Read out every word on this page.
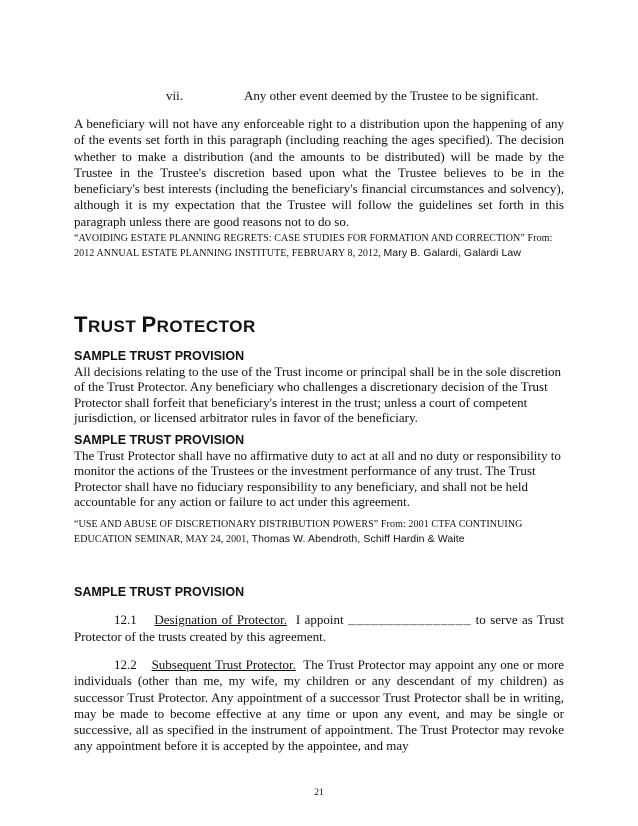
vii.	Any other event deemed by the Trustee to be significant.

A beneficiary will not have any enforceable right to a distribution upon the happening of any of the events set forth in this paragraph (including reaching the ages specified). The decision whether to make a distribution (and the amounts to be distributed) will be made by the Trustee in the Trustee's discretion based upon what the Trustee believes to be in the beneficiary's best interests (including the beneficiary's financial circumstances and solvency), although it is my expectation that the Trustee will follow the guidelines set forth in this paragraph unless there are good reasons not to do so.

“AVOIDING ESTATE PLANNING REGRETS: CASE STUDIES FOR FORMATION AND CORRECTION” From: 2012 ANNUAL ESTATE PLANNING INSTITUTE, FEBRUARY 8, 2012, Mary B. Galardi, Galardi Law

TRUST PROTECTOR

SAMPLE TRUST PROVISION

All decisions relating to the use of the Trust income or principal shall be in the sole discretion of the Trust Protector. Any beneficiary who challenges a discretionary decision of the Trust Protector shall forfeit that beneficiary's interest in the trust; unless a court of competent jurisdiction, or licensed arbitrator rules in favor of the beneficiary.

SAMPLE TRUST PROVISION

The Trust Protector shall have no affirmative duty to act at all and no duty or responsibility to monitor the actions of the Trustees or the investment performance of any trust. The Trust Protector shall have no fiduciary responsibility to any beneficiary, and shall not be held accountable for any action or failure to act under this agreement.

“USE AND ABUSE OF DISCRETIONARY DISTRIBUTION POWERS” From: 2001 CTFA CONTINUING EDUCATION SEMINAR, MAY 24, 2001, Thomas W. Abendroth, Schiff Hardin & Waite

SAMPLE TRUST PROVISION

12.1 Designation of Protector. I appoint ________________ to serve as Trust Protector of the trusts created by this agreement.

12.2 Subsequent Trust Protector. The Trust Protector may appoint any one or more individuals (other than me, my wife, my children or any descendant of my children) as successor Trust Protector. Any appointment of a successor Trust Protector shall be in writing, may be made to become effective at any time or upon any event, and may be single or successive, all as specified in the instrument of appointment. The Trust Protector may revoke any appointment before it is accepted by the appointee, and may

21
